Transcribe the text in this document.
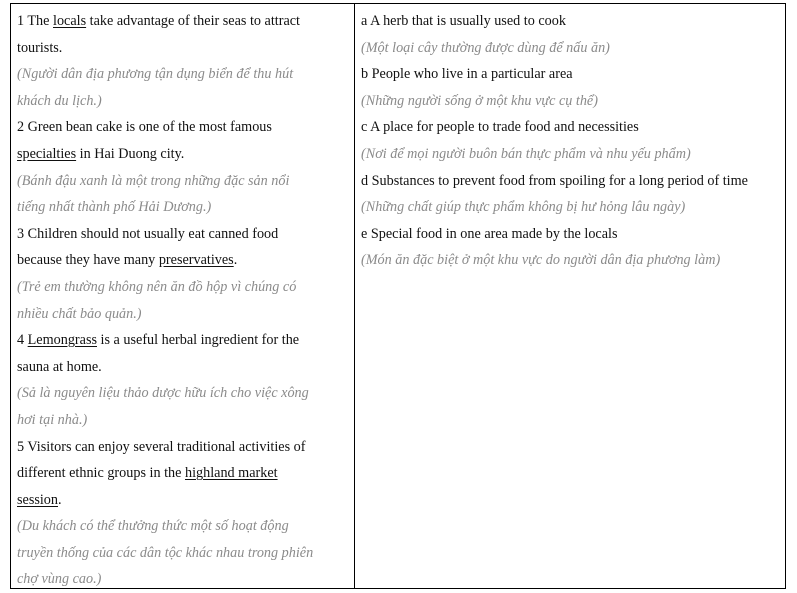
1 The locals take advantage of their seas to attract
tourists.
(Người dân địa phương tận dụng biển để thu hút
khách du lịch.)
2 Green bean cake is one of the most famous
specialties in Hai Duong city.
(Bánh đậu xanh là một trong những đặc sản nổi
tiếng nhất thành phố Hải Dương.)
3 Children should not usually eat canned food
because they have many preservatives.
(Trẻ em thường không nên ăn đồ hộp vì chúng có
nhiều chất bảo quản.)
4 Lemongrass is a useful herbal ingredient for the
sauna at home.
(Sả là nguyên liệu thảo dược hữu ích cho việc xông
hơi tại nhà.)
5 Visitors can enjoy several traditional activities of
different ethnic groups in the highland market
session.
(Du khách có thể thưởng thức một số hoạt động
truyền thống của các dân tộc khác nhau trong phiên
chợ vùng cao.)
a A herb that is usually used to cook
(Một loại cây thường được dùng để nấu ăn)
b People who live in a particular area
(Những người sống ở một khu vực cụ thể)
c A place for people to trade food and necessities
(Nơi để mọi người buôn bán thực phẩm và nhu yếu phẩm)
d Substances to prevent food from spoiling for a long period of time
(Những chất giúp thực phẩm không bị hư hỏng lâu ngày)
e Special food in one area made by the locals
(Món ăn đặc biệt ở một khu vực do người dân địa phương làm)
